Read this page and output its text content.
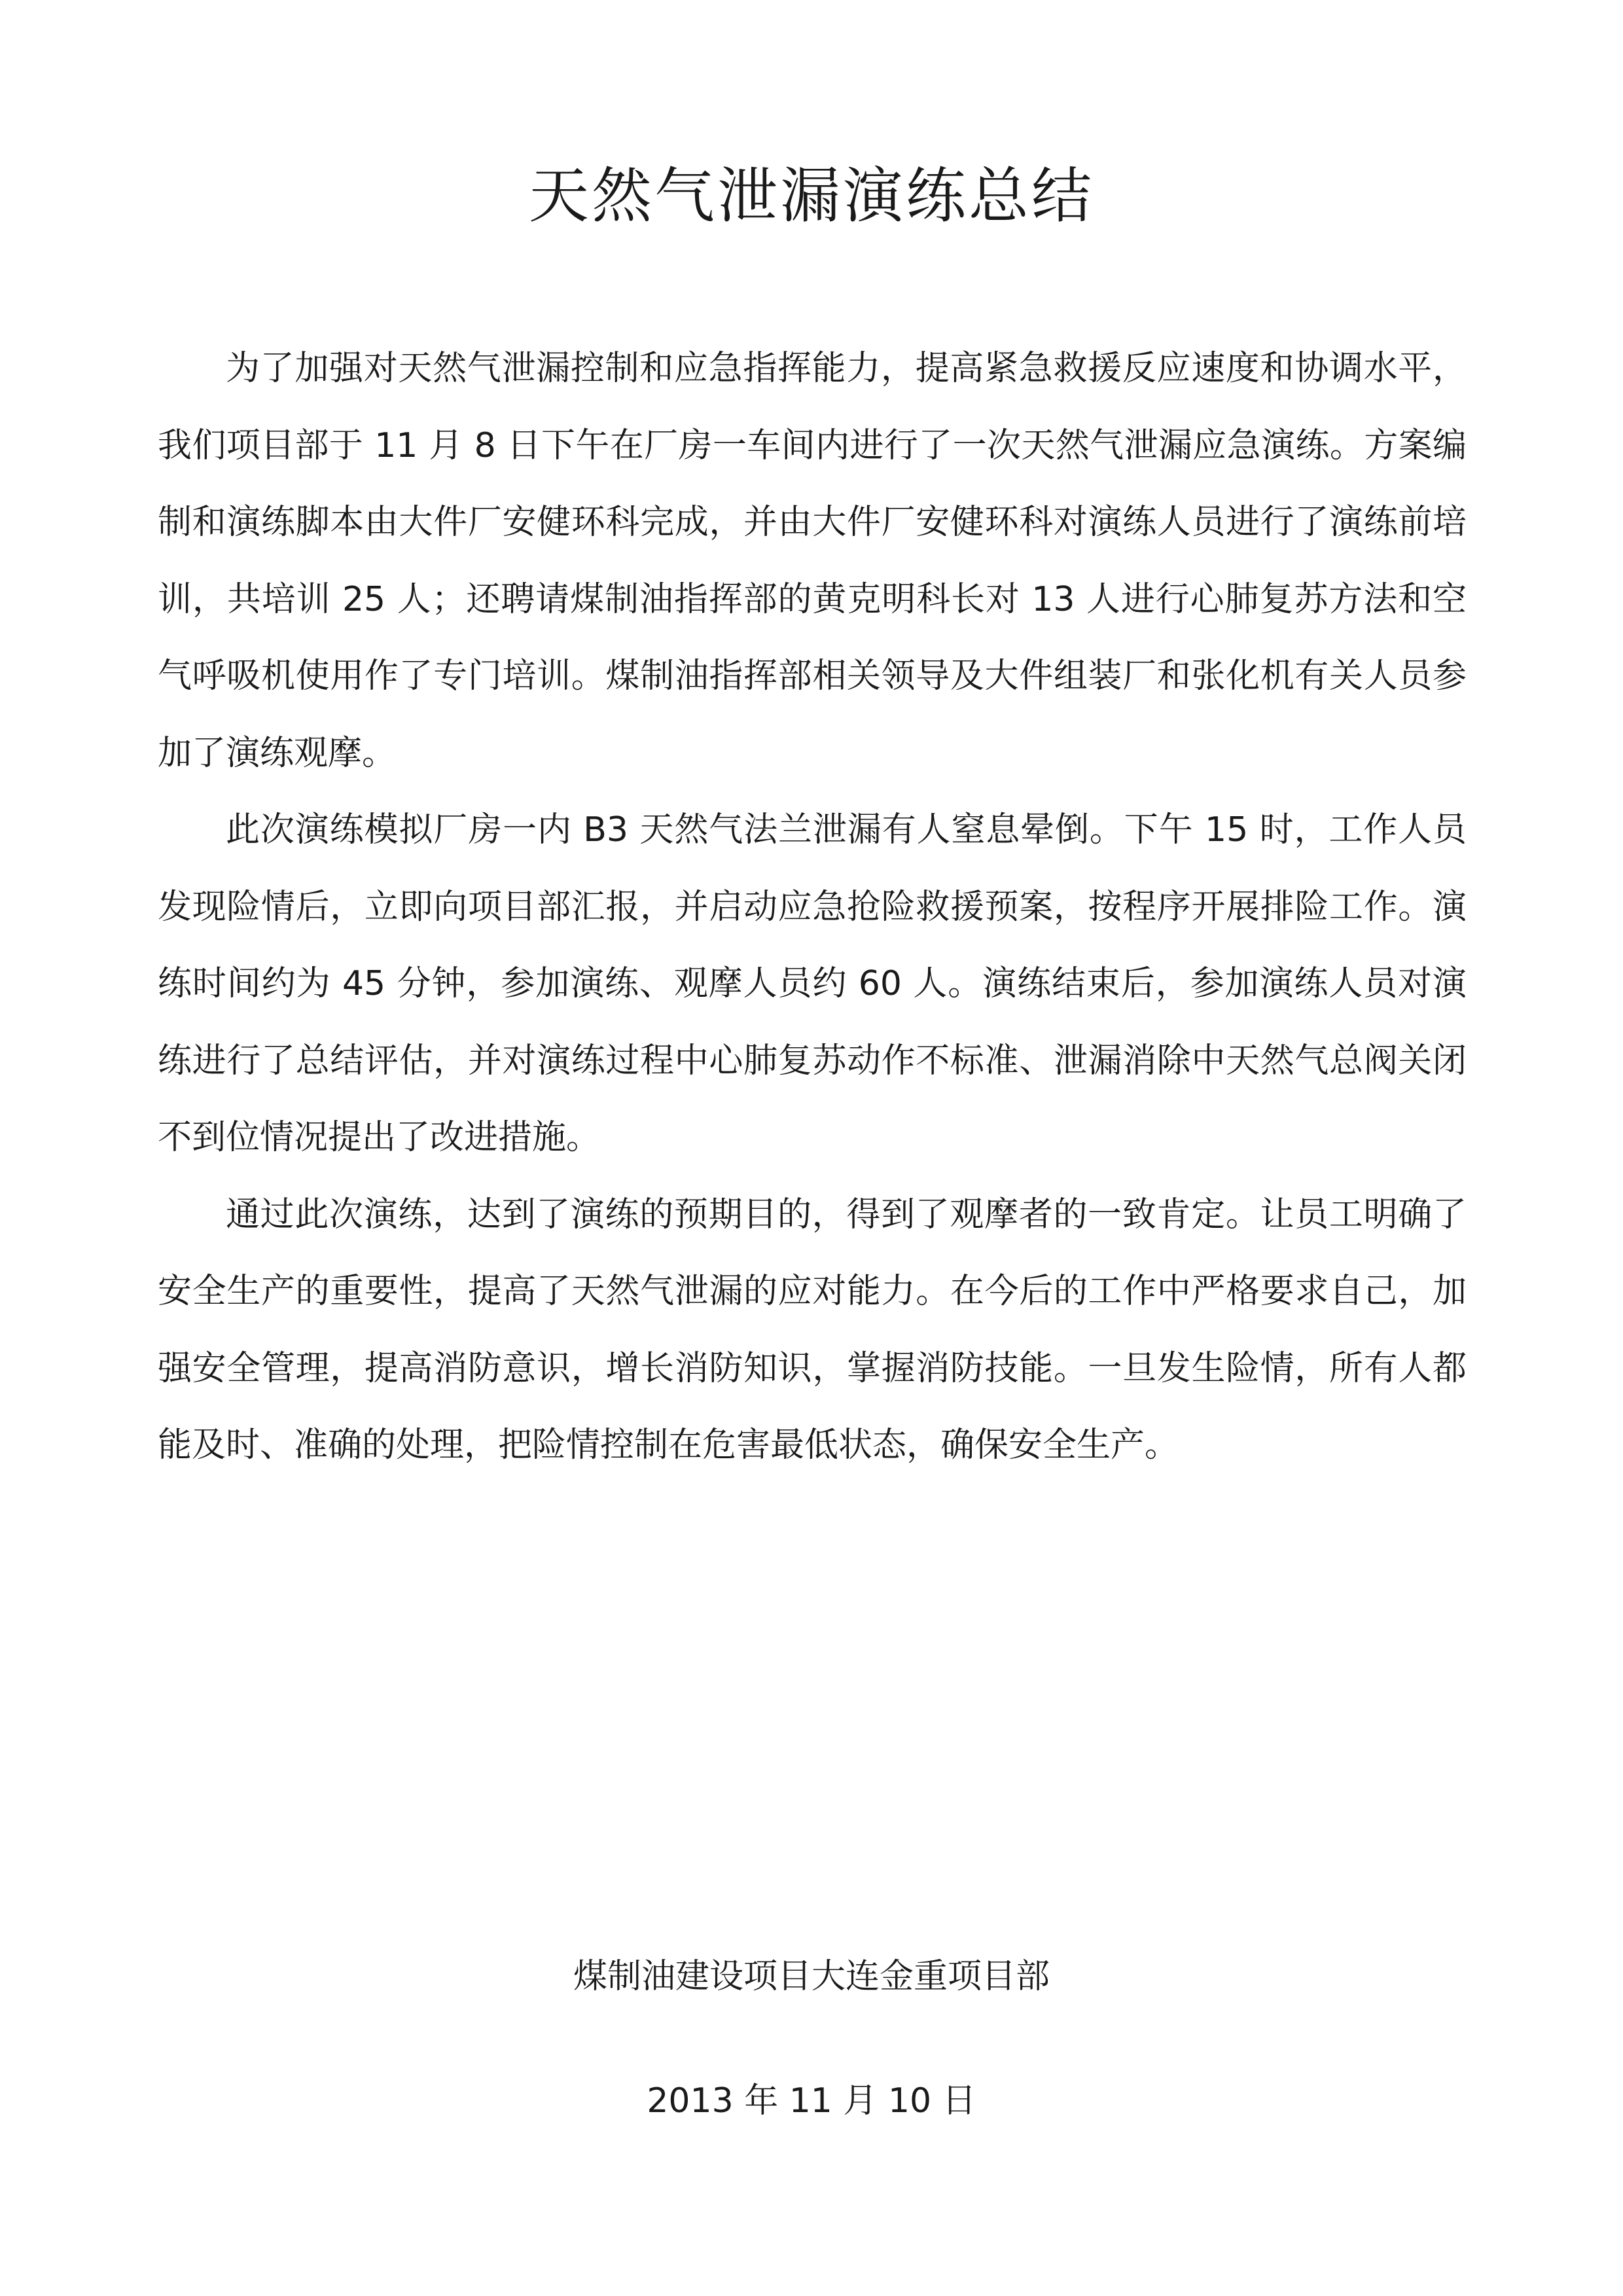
天然气泄漏演练总结

为了加强对天然气泄漏控制和应急指挥能力，提高紧急救援反应速度和协调水平，我们项目部于 11 月 8 日下午在厂房一车间内进行了一次天然气泄漏应急演练。方案编制和演练脚本由大件厂安健环科完成，并由大件厂安健环科对演练人员进行了演练前培训，共培训 25 人；还聘请煤制油指挥部的黄克明科长对 13 人进行心肺复苏方法和空气呼吸机使用作了专门培训。煤制油指挥部相关领导及大件组装厂和张化机有关人员参加了演练观摩。

此次演练模拟厂房一内 B3 天然气法兰泄漏有人窒息晕倒。下午 15 时，工作人员发现险情后，立即向项目部汇报，并启动应急抢险救援预案，按程序开展排险工作。演练时间约为 45 分钟，参加演练、观摩人员约 60 人。演练结束后，参加演练人员对演练进行了总结评估，并对演练过程中心肺复苏动作不标准、泄漏消除中天然气总阀关闭不到位情况提出了改进措施。

通过此次演练，达到了演练的预期目的，得到了观摩者的一致肯定。让员工明确了安全生产的重要性，提高了天然气泄漏的应对能力。在今后的工作中严格要求自己，加强安全管理，提高消防意识，增长消防知识，掌握消防技能。一旦发生险情，所有人都能及时、准确的处理，把险情控制在危害最低状态，确保安全生产。

煤制油建设项目大连金重项目部

2013 年 11 月 10 日
